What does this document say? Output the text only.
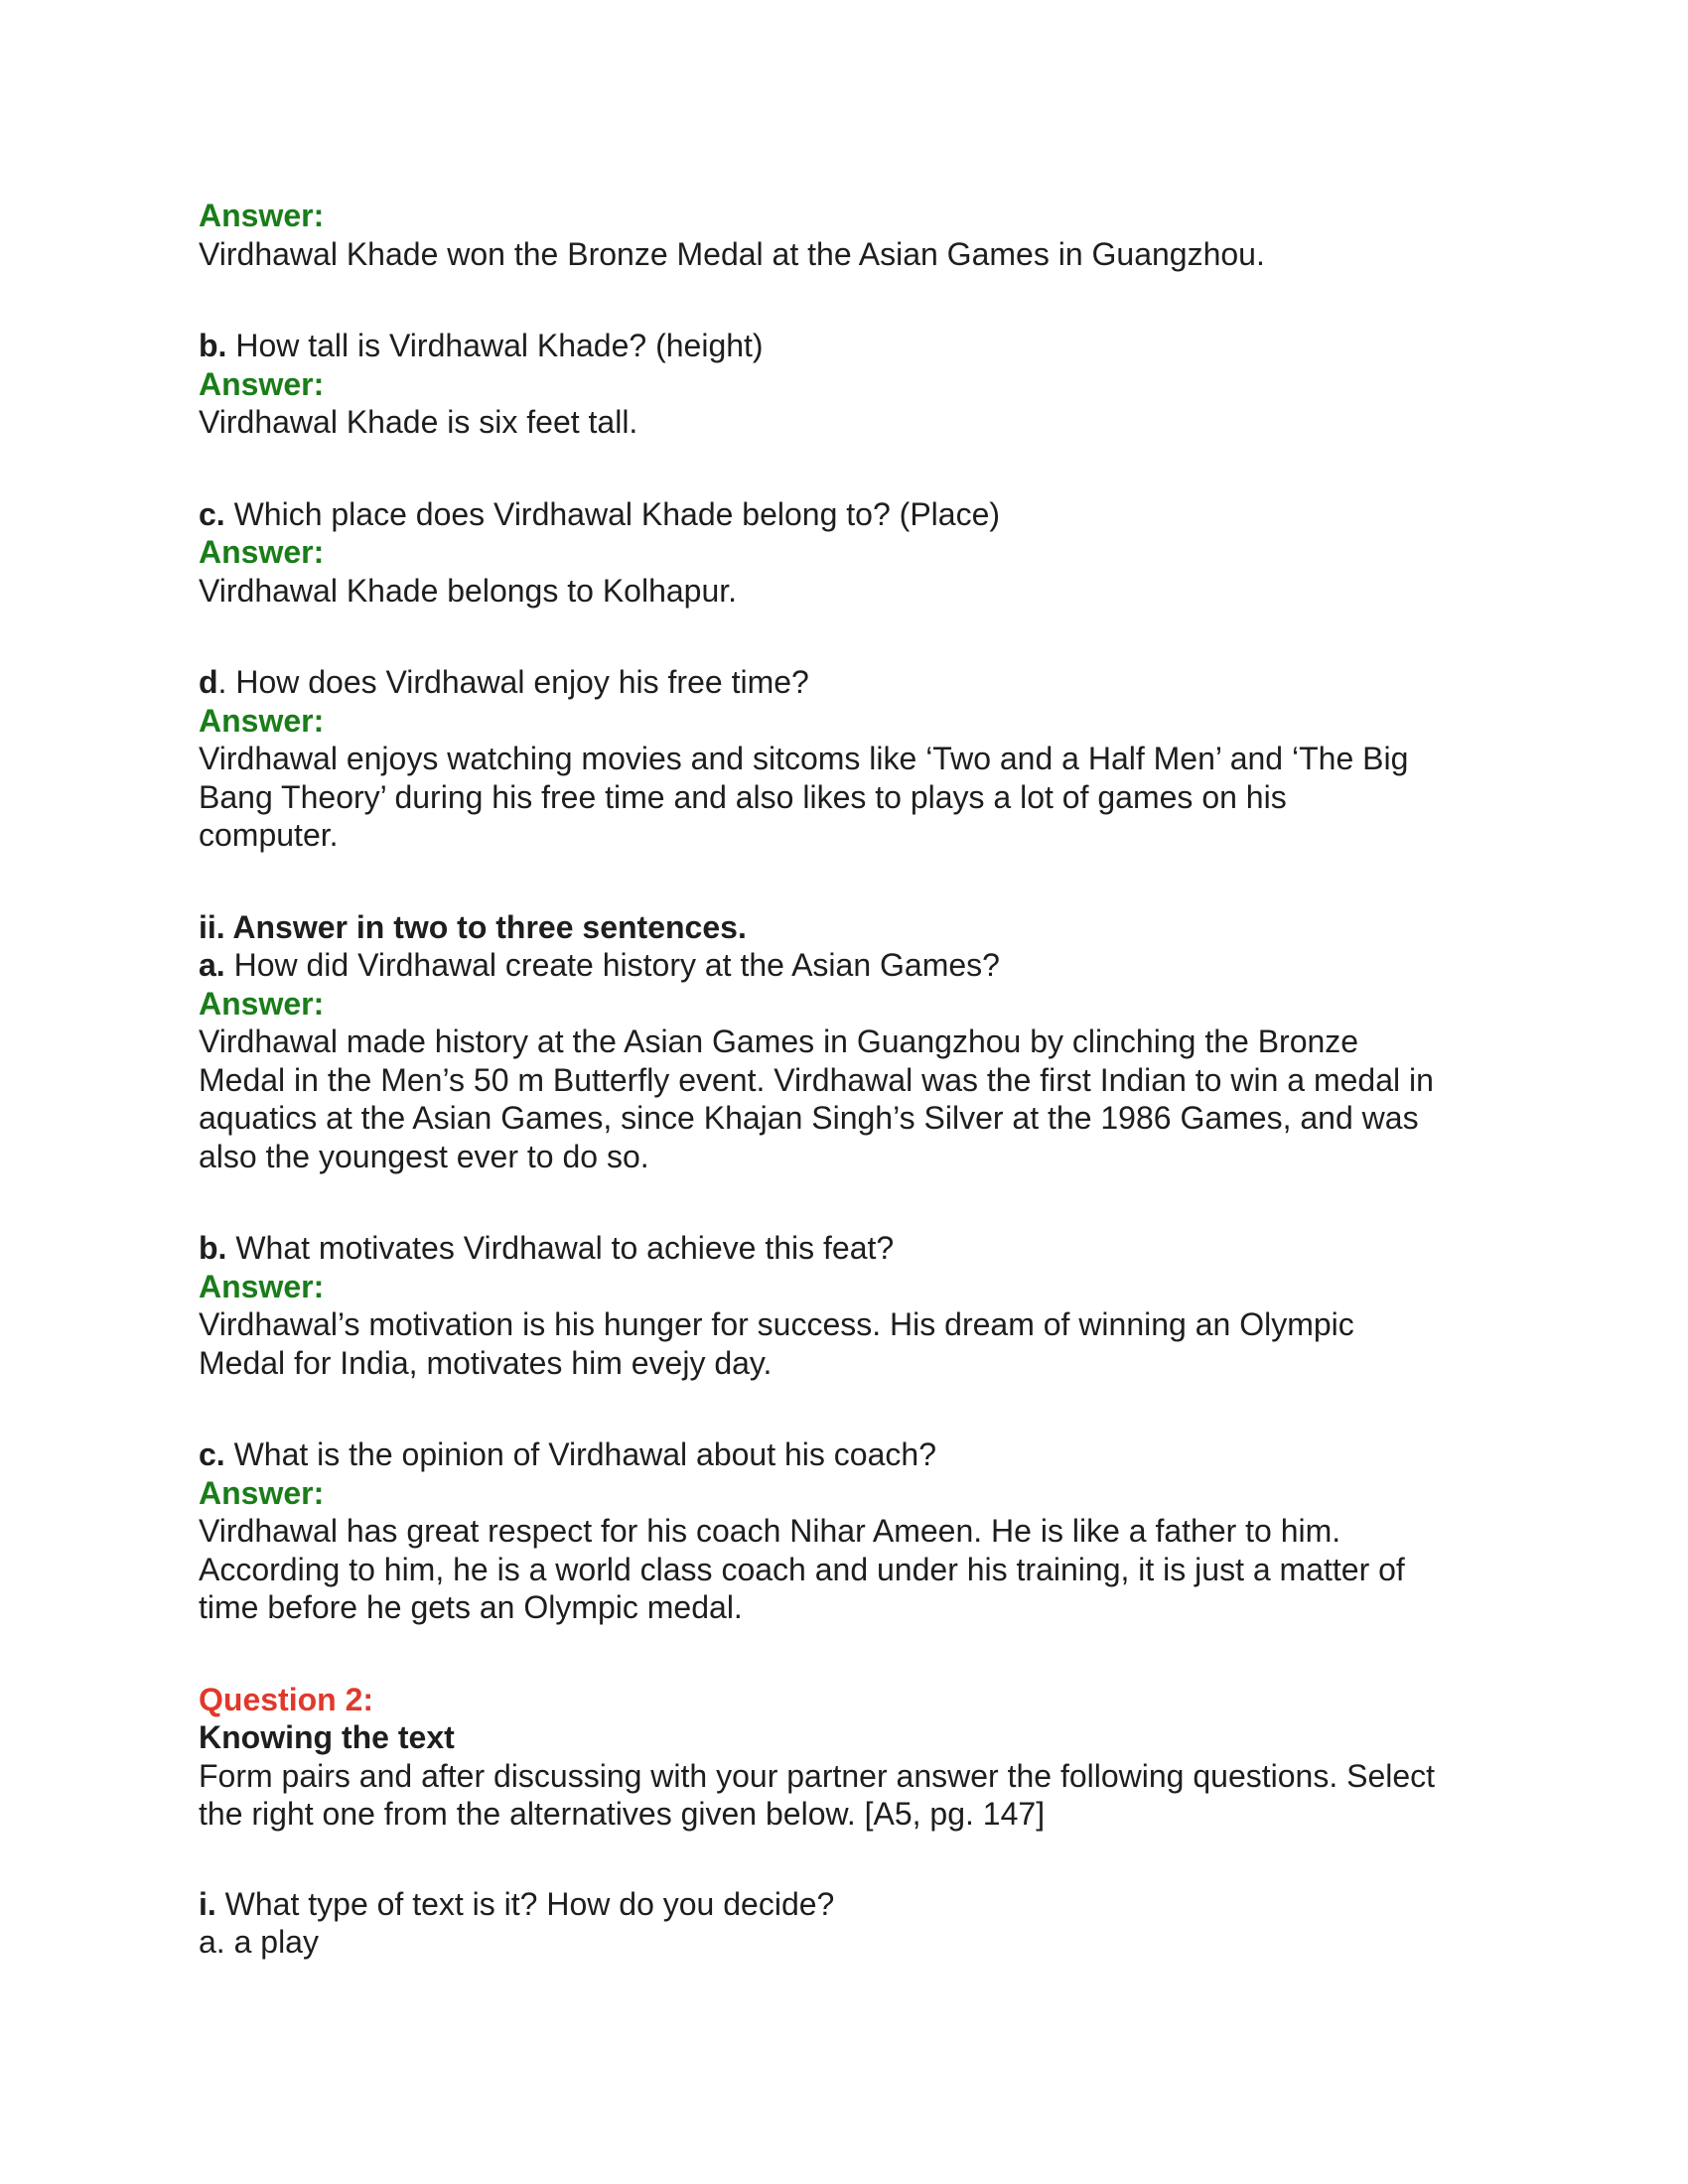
Answer:

Virdhawal Khade won the Bronze Medal at the Asian Games in Guangzhou.

b. How tall is Virdhawal Khade? (height)

Answer:

Virdhawal Khade is six feet tall.

c. Which place does Virdhawal Khade belong to? (Place)

Answer:

Virdhawal Khade belongs to Kolhapur.

d. How does Virdhawal enjoy his free time?

Answer:

Virdhawal enjoys watching movies and sitcoms like ‘Two and a Half Men’ and ‘The Big

Bang Theory’ during his free time and also likes to plays a lot of games on his

computer.

ii. Answer in two to three sentences.

a. How did Virdhawal create history at the Asian Games?

Answer:

Virdhawal made history at the Asian Games in Guangzhou by clinching the Bronze

Medal in the Men’s 50 m Butterfly event. Virdhawal was the first Indian to win a medal in

aquatics at the Asian Games, since Khajan Singh’s Silver at the 1986 Games, and was

also the youngest ever to do so.

b. What motivates Virdhawal to achieve this feat?

Answer:

Virdhawal’s motivation is his hunger for success. His dream of winning an Olympic

Medal for India, motivates him evejy day.

c. What is the opinion of Virdhawal about his coach?

Answer:

Virdhawal has great respect for his coach Nihar Ameen. He is like a father to him.

According to him, he is a world class coach and under his training, it is just a matter of

time before he gets an Olympic medal.

Question 2:

Knowing the text

Form pairs and after discussing with your partner answer the following questions. Select

the right one from the alternatives given below. [A5, pg. 147]

i. What type of text is it? How do you decide?

a. a play
